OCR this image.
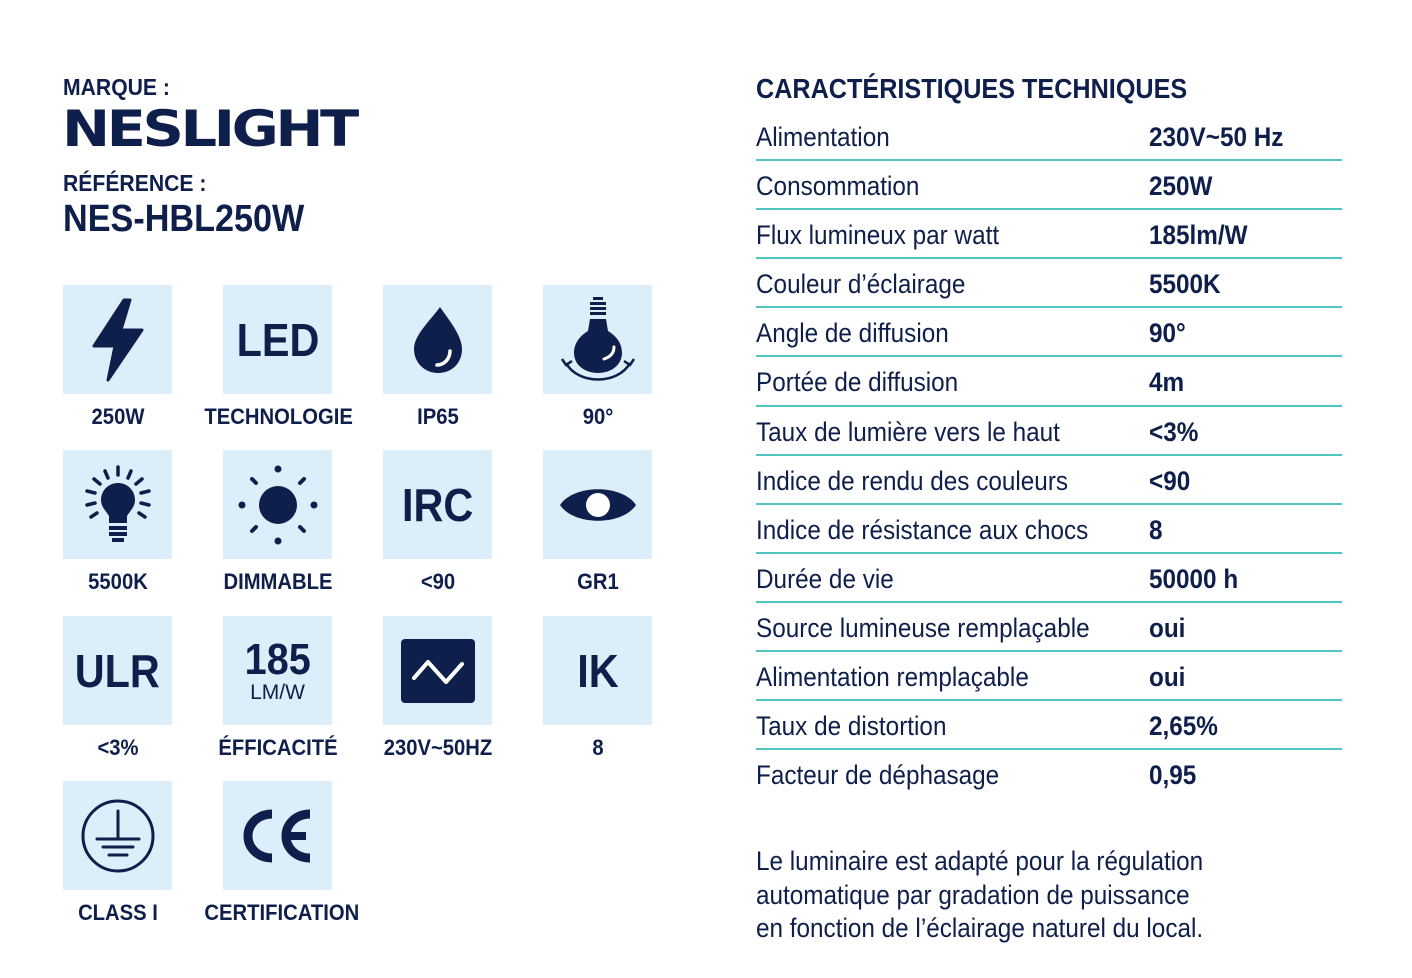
MARQUE :
NESLIGHT
RÉFÉRENCE :
NES-HBL250W
250W
LED
TECHNOLOGIE	IP65	90°
5500K	DIMMABLE
IRC
<90	GR1
ULR
<3%
185
LM/W
ÉFFICACITÉ	230V~50HZ
IK
8
CLASS I	CERTIFICATION
CARACTÉRISTIQUES TECHNIQUES
Alimentation	230V~50 Hz
Consommation	250W
Flux lumineux par watt	185lm/W
Couleur d’éclairage	5500K
Angle de diffusion	90°
Portée de diffusion	4m
Taux de lumière vers le haut	<3%
Indice de rendu des couleurs	<90
Indice de résistance aux chocs 8
Durée de vie	50000 h
Source lumineuse remplaçable oui
Alimentation remplaçable	oui
Taux de distortion	2,65%
Facteur de déphasage	0,95
Le luminaire est adapté pour la régulation
automatique par gradation de puissance
en fonction de l’éclairage naturel du local.
